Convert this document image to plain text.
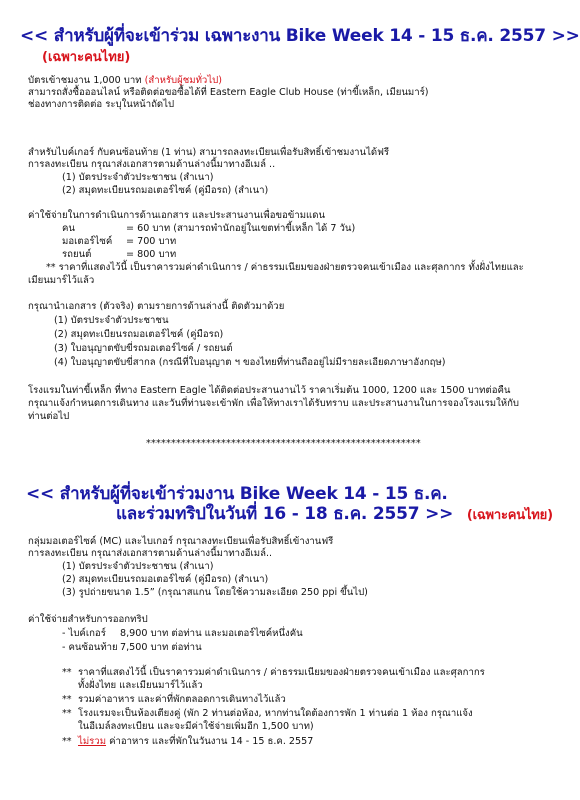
<< สำหรับผู้ที่จะเข้าร่วม เฉพาะงาน Bike Week 14 - 15 ธ.ค. 2557 >>
(เฉพาะคนไทย)
บัตรเข้าชมงาน 1,000 บาท (สำหรับผู้ชมทั่วไป)
สามารถสั่งซื้อออนไลน์ หรือติดต่อขอซื้อได้ที่ Eastern Eagle Club House (ท่าขี้เหล็ก, เมียนมาร์)
ช่องทางการติดต่อ ระบุในหน้าถัดไป
สำหรับไบค์เกอร์ กับคนซ้อนท้าย (1 ท่าน) สามารถลงทะเบียนเพื่อรับสิทธิ์เข้าชมงานได้ฟรี
การลงทะเบียน กรุณาส่งเอกสารตามด้านล่างนี้มาทางอีเมล์ ..
(1) บัตรประจำตัวประชาชน (สำเนา)
(2) สมุดทะเบียนรถมอเตอร์ไซค์ (คู่มือรถ) (สำเนา)
ค่าใช้จ่ายในการดำเนินการด้านเอกสาร และประสานงานเพื่อขอข้ามแดน
คน	= 60 บาท (สามารถพำนักอยู่ในเขตท่าขี้เหล็ก ได้ 7 วัน)
มอเตอร์ไซค์ = 700 บาท
รถยนต์	= 800 บาท
** ราคาที่แสดงไว้นี้ เป็นราคารวมค่าดำเนินการ / ค่าธรรมเนียมของฝ่ายตรวจคนเข้าเมือง และศุลกากร ทั้งฝั่งไทยและ
เมียนมาร์ไว้แล้ว
กรุณานำเอกสาร (ตัวจริง) ตามรายการด้านล่างนี้ ติดตัวมาด้วย
(1) บัตรประจำตัวประชาชน
(2) สมุดทะเบียนรถมอเตอร์ไซค์ (คู่มือรถ)
(3) ใบอนุญาตขับขี่รถมอเตอร์ไซค์ / รถยนต์
(4) ใบอนุญาตขับขี่สากล (กรณีที่ใบอนุญาต ฯ ของไทยที่ท่านถืออยู่ไม่มีรายละเอียดภาษาอังกฤษ)
โรงแรมในท่าขี้เหล็ก ที่ทาง Eastern Eagle ได้ติดต่อประสานงานไว้ ราคาเริ่มต้น 1000, 1200 และ 1500 บาทต่อคืน
กรุณาแจ้งกำหนดการเดินทาง และวันที่ท่านจะเข้าพัก เพื่อให้ทางเราได้รับทราบ และประสานงานในการจองโรงแรมให้กับ
ท่านต่อไป
*******************************************************
<< สำหรับผู้ที่จะเข้าร่วมงาน Bike Week 14 - 15 ธ.ค.
และร่วมทริปในวันที่ 16 - 18 ธ.ค. 2557 >> (เฉพาะคนไทย)
กลุ่มมอเตอร์ไซค์ (MC) และไบเกอร์ กรุณาลงทะเบียนเพื่อรับสิทธิ์เข้างานฟรี
การลงทะเบียน กรุณาส่งเอกสารตามด้านล่างนี้มาทางอีเมล์..
(1) บัตรประจำตัวประชาชน (สำเนา)
(2) สมุดทะเบียนรถมอเตอร์ไซค์ (คู่มือรถ) (สำเนา)
(3) รูปถ่ายขนาด 1.5” (กรุณาสแกน โดยใช้ความละเอียด 250 ppi ขึ้นไป)
ค่าใช้จ่ายสำหรับการออกทริป
- ไบค์เกอร์ 8,900 บาท ต่อท่าน และมอเตอร์ไซค์หนึ่งคัน
- คนซ้อนท้าย 7,500 บาท ต่อท่าน
** ราคาที่แสดงไว้นี้ เป็นราคารวมค่าดำเนินการ / ค่าธรรมเนียมของฝ่ายตรวจคนเข้าเมือง และศุลกากร
ทั้งฝั่งไทย และเมียนมาร์ไว้แล้ว
** รวมค่าอาหาร และค่าที่พักตลอดการเดินทางไว้แล้ว
** โรงแรมจะเป็นห้องเตียงคู่ (พัก 2 ท่านต่อห้อง, หากท่านใดต้องการพัก 1 ท่านต่อ 1 ห้อง กรุณาแจ้ง
ในอีเมล์ลงทะเบียน และจะมีค่าใช้จ่ายเพิ่มอีก 1,500 บาท)
** ไม่รวม ค่าอาหาร และที่พักในวันงาน 14 - 15 ธ.ค. 2557
